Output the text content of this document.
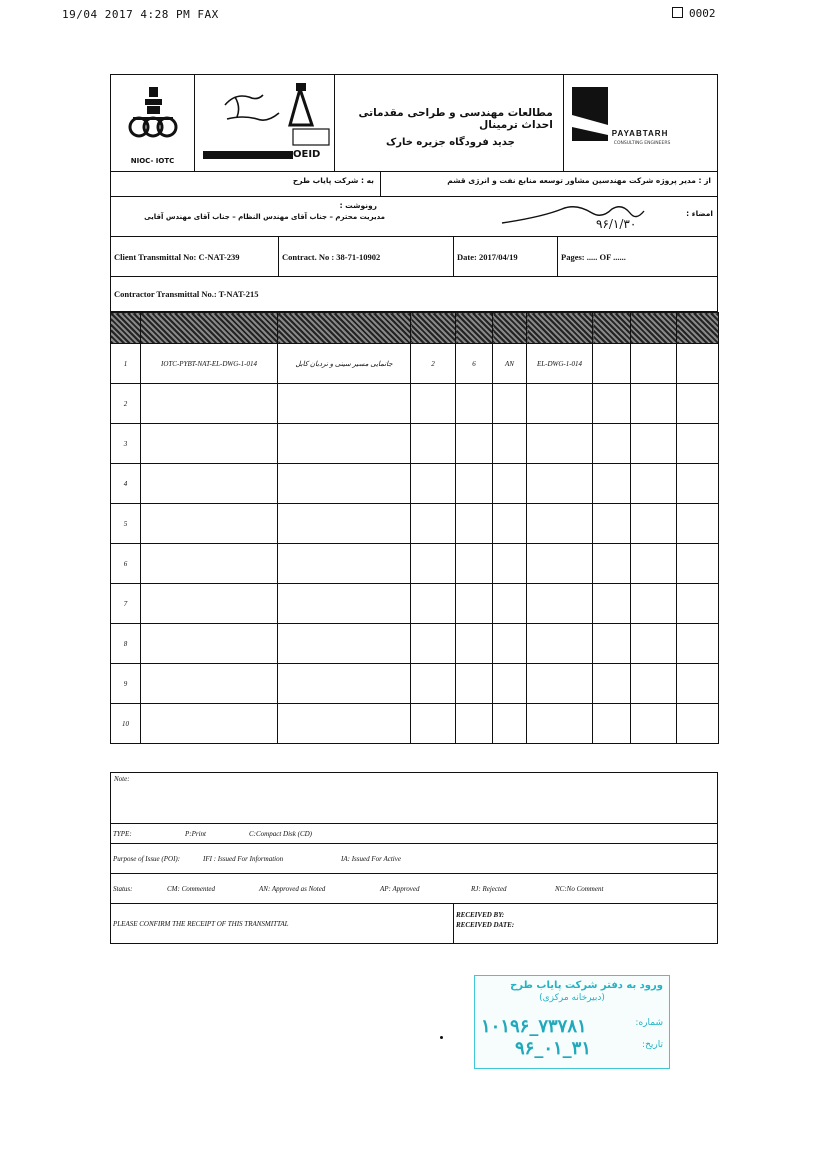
19/04 2017 4:28 PM FAX	0002
NIOC- IOTC
OEID
مطالعات مهندسی و طراحی مقدماتی احداث ترمینال
جدید فرودگاه جزیره خارک
PAYABTARH
CONSULTING ENGINEERS
به : شرکت پایاب طرح	از : مدیر پروژه شرکت مهندسین مشاور توسعه منابع نفت و انرژی قشم
رونوشت :
مدیریت محترم – جناب آقای مهندس النظام – جناب آقای مهندس آقایی	امضاء :
۹۶/۱/۳۰
Client Transmittal No: C-NAT-239	Contract. No : 38-71-10902	Date: 2017/04/19	Pages: ..... OF ......
Contractor Transmittal No.: T-NAT-215

1	IOTC-PYBT-NAT-EL-DWG-1-014	جانمایی مسیر سینی و نردبان کابل	2	6	AN	EL-DWG-1-014			
2									
3									
4									
5									
6									
7									
8									
9									
10									
Note:
TYPE:	P:Print	C:Compact Disk (CD)
Purpose of Issue (POI):	IFI : Issued For Information	IA: Issued For Active
Status:	CM: Commented	AN: Approved as Noted	AP: Approved	RJ: Rejected	NC:No Comment
PLEASE CONFIRM THE RECEIPT OF THIS TRANSMITTAL
RECEIVED BY:
RECEIVED DATE:
ورود به دفتر شرکت پایاب طرح
(دبیرخانه مرکزی)
شماره:
۱۰۱۹۶_۷۳۷۸۱
تاریخ:
۹۶_۰۱_۳۱
